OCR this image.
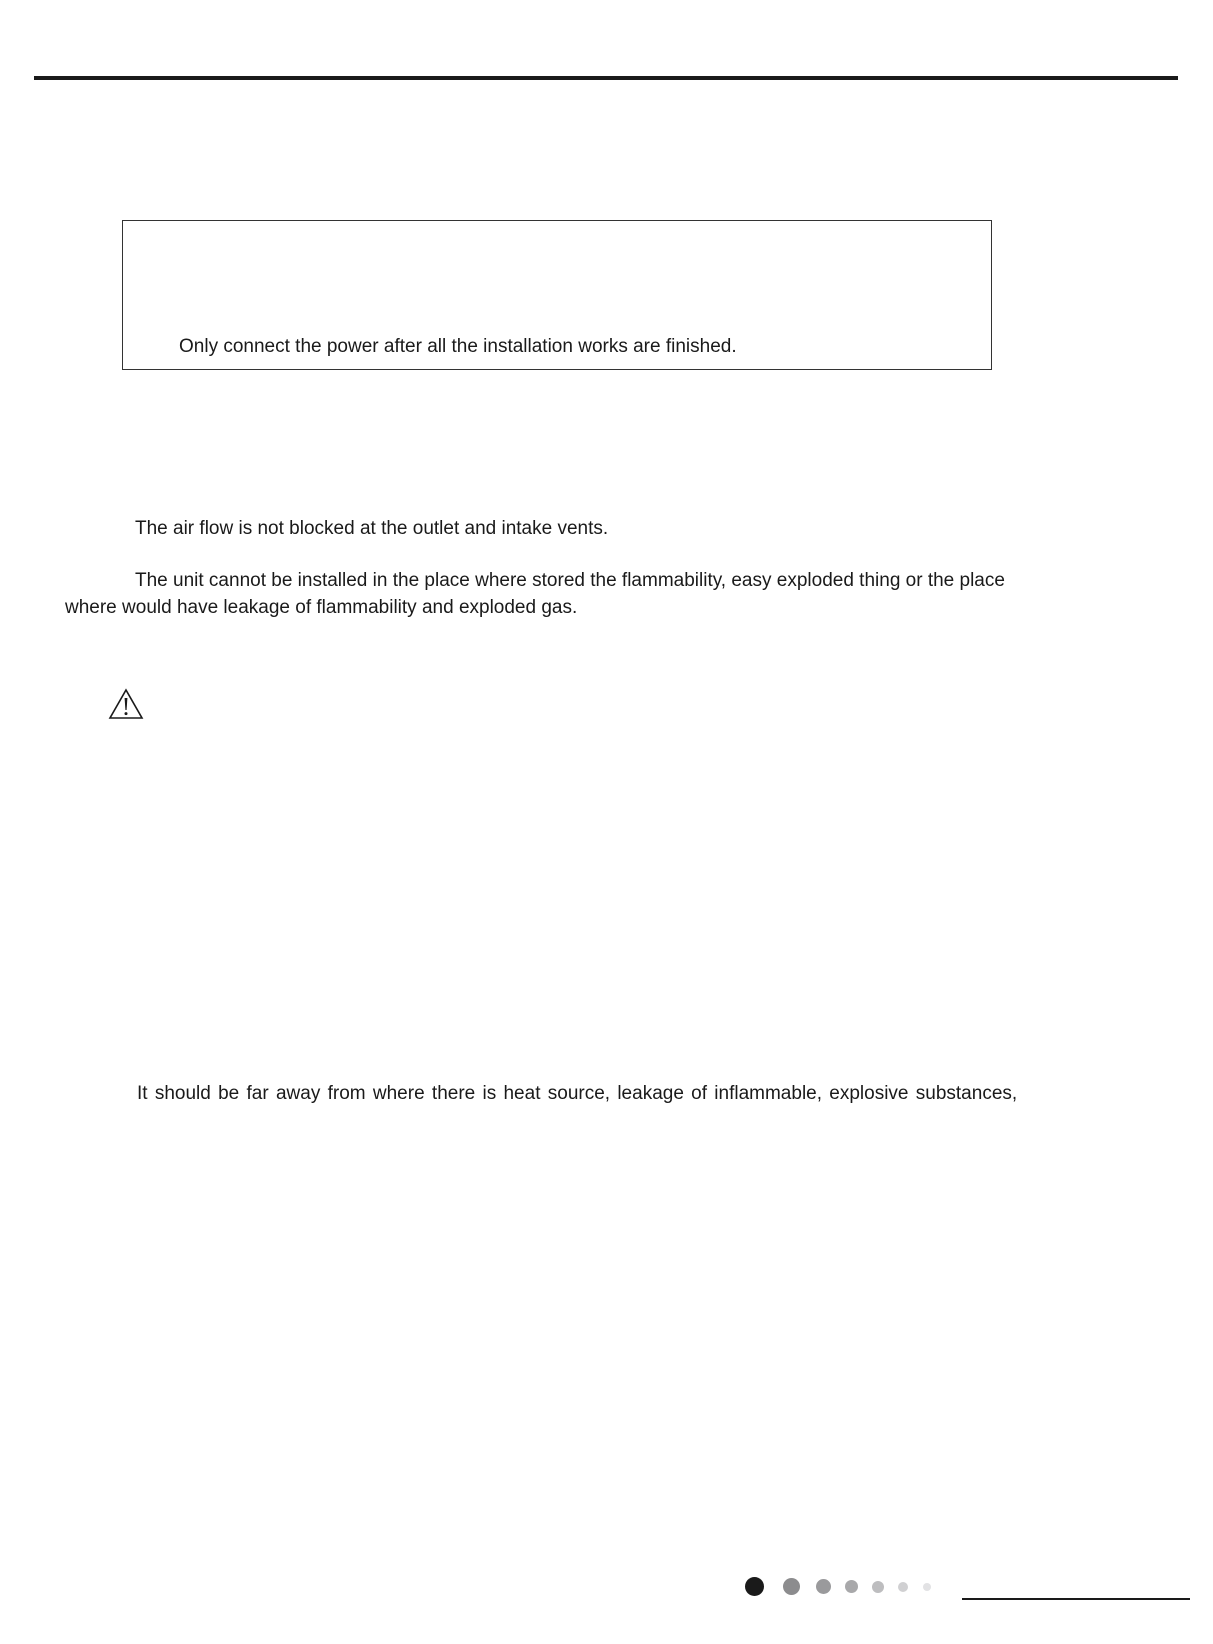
Only connect the power after all the installation works are finished.
The air flow is not blocked at the outlet and intake vents.
The unit cannot be installed in the place where stored the flammability, easy exploded thing or the place
where would have leakage of flammability and exploded gas.
It should be far away from where there is heat source, leakage of inflammable, explosive substances,
